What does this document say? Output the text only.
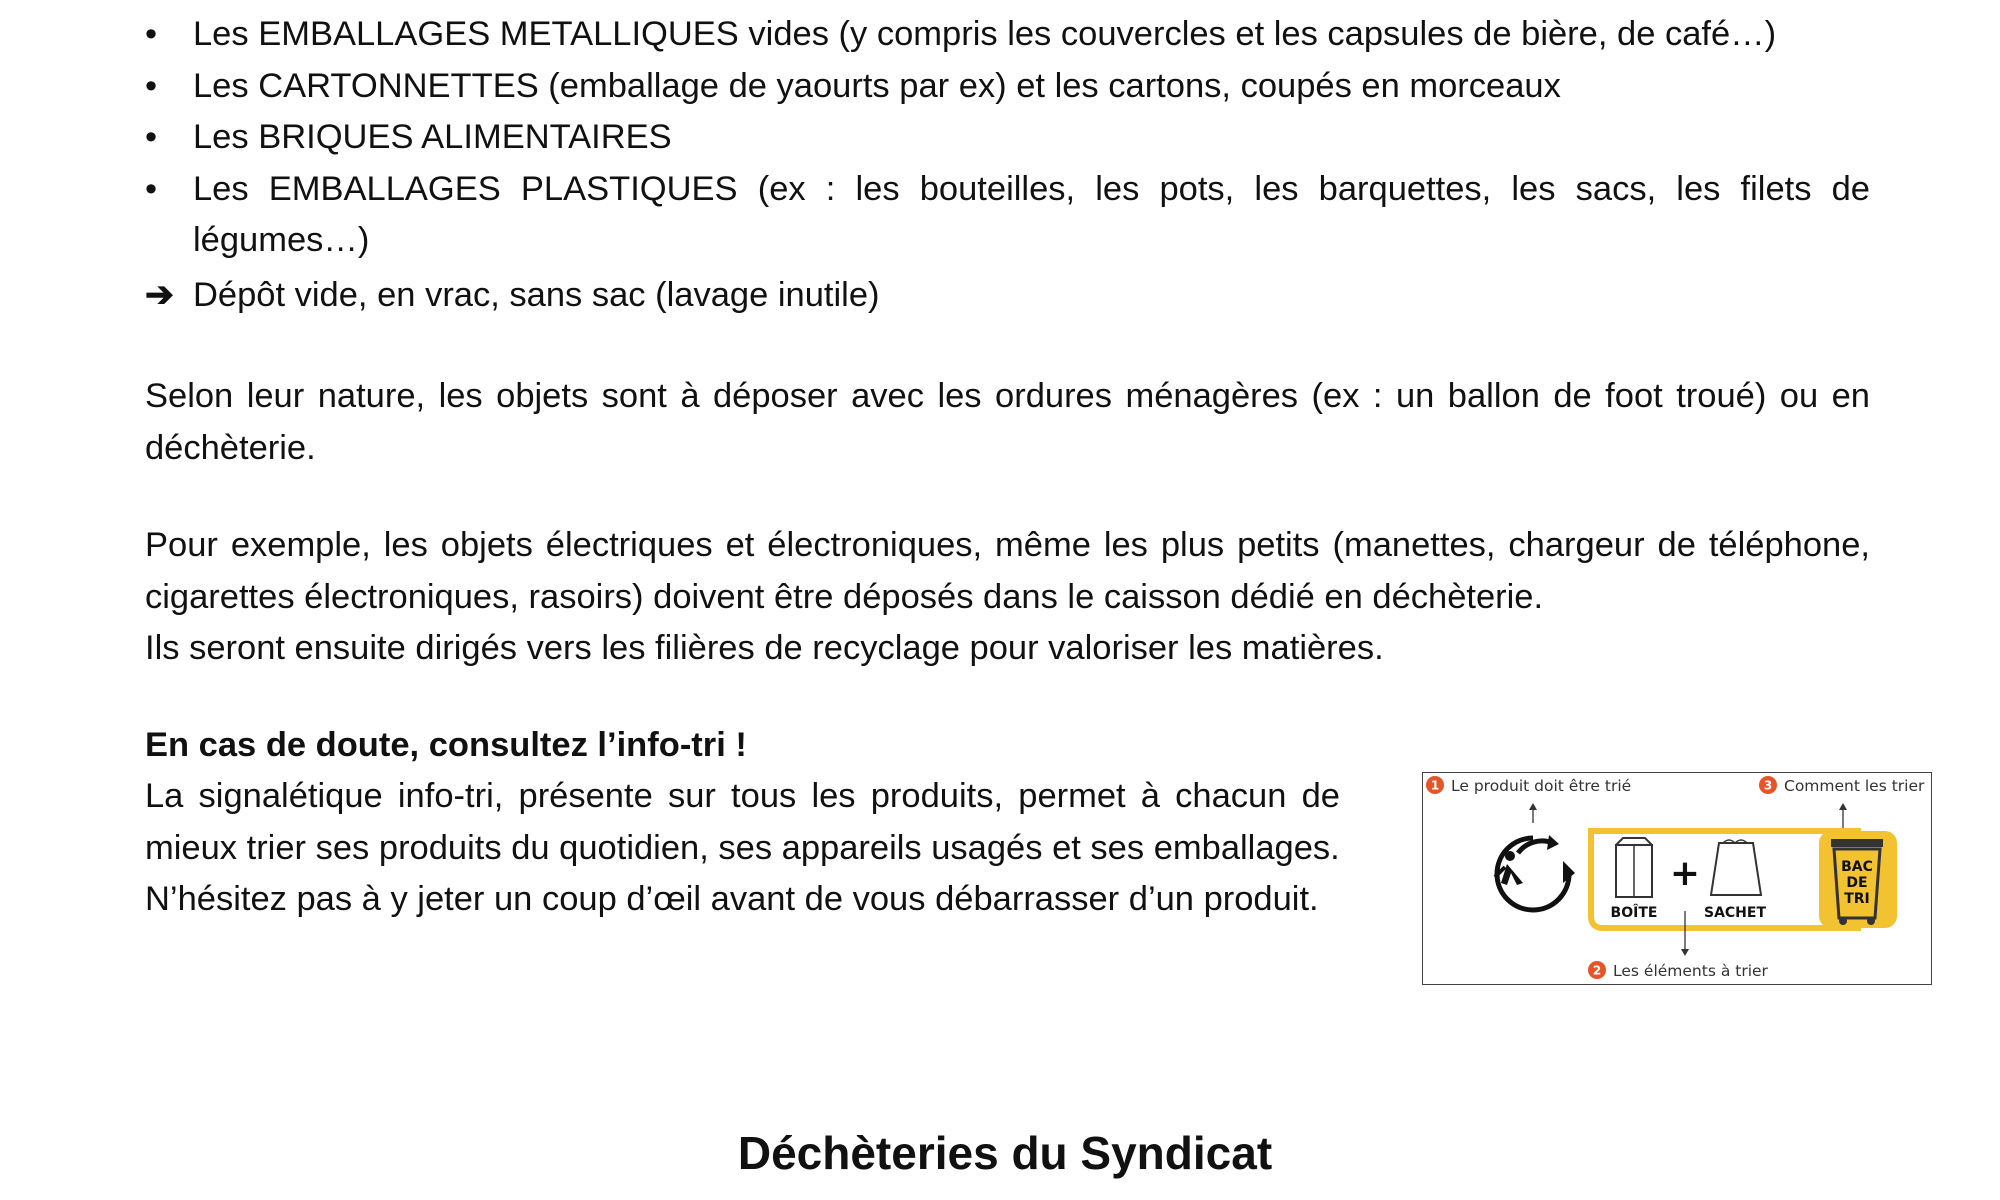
• Les EMBALLAGES METALLIQUES vides (y compris les couvercles et les capsules de bière, de café…)
• Les CARTONNETTES (emballage de yaourts par ex) et les cartons, coupés en morceaux
• Les BRIQUES ALIMENTAIRES
• Les EMBALLAGES PLASTIQUES (ex : les bouteilles, les pots, les barquettes, les sacs, les filets de légumes…)
➔ Dépôt vide, en vrac, sans sac (lavage inutile)

Selon leur nature, les objets sont à déposer avec les ordures ménagères (ex : un ballon de foot troué) ou en déchèterie.

Pour exemple, les objets électriques et électroniques, même les plus petits (manettes, chargeur de téléphone, cigarettes électroniques, rasoirs) doivent être déposés dans le caisson dédié en déchèterie.
Ils seront ensuite dirigés vers les filières de recyclage pour valoriser les matières.

En cas de doute, consultez l’info-tri !

La signalétique info-tri, présente sur tous les produits, permet à chacun de mieux trier ses produits du quotidien, ses appareils usagés et ses emballages.
N’hésitez pas à y jeter un coup d’œil avant de vous débarrasser d’un produit.
1 Le produit doit être trié	3 Comment les trier
BOÎTE
+
SACHET
BAC
DE
TRI
2 Les éléments à trier
Déchèteries du Syndicat
